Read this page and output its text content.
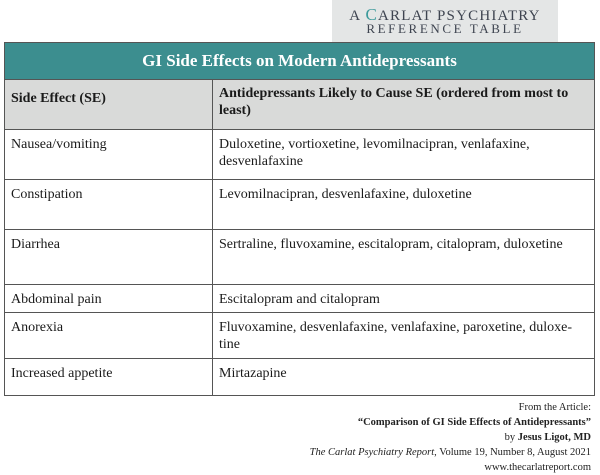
A CARLAT PSYCHIATRY
REFERENCE TABLE
GI Side Effects on Modern Antidepressants
Side Effect (SE)	Antidepressants Likely to Cause SE (ordered from most to least)
Nausea/vomiting	Duloxetine, vortioxetine, levomilnacipran, venlafaxine, desvenlafaxine
Constipation	Levomilnacipran, desvenlafaxine, duloxetine
Diarrhea	Sertraline, fluvoxamine, escitalopram, citalopram, duloxetine
Abdominal pain	Escitalopram and citalopram
Anorexia	Fluvoxamine, desvenlafaxine, venlafaxine, paroxetine, duloxe-tine
Increased appetite	Mirtazapine
From the Article:
“Comparison of GI Side Effects of Antidepressants”
by Jesus Ligot, MD
The Carlat Psychiatry Report, Volume 19, Number 8, August 2021
www.thecarlatreport.com
